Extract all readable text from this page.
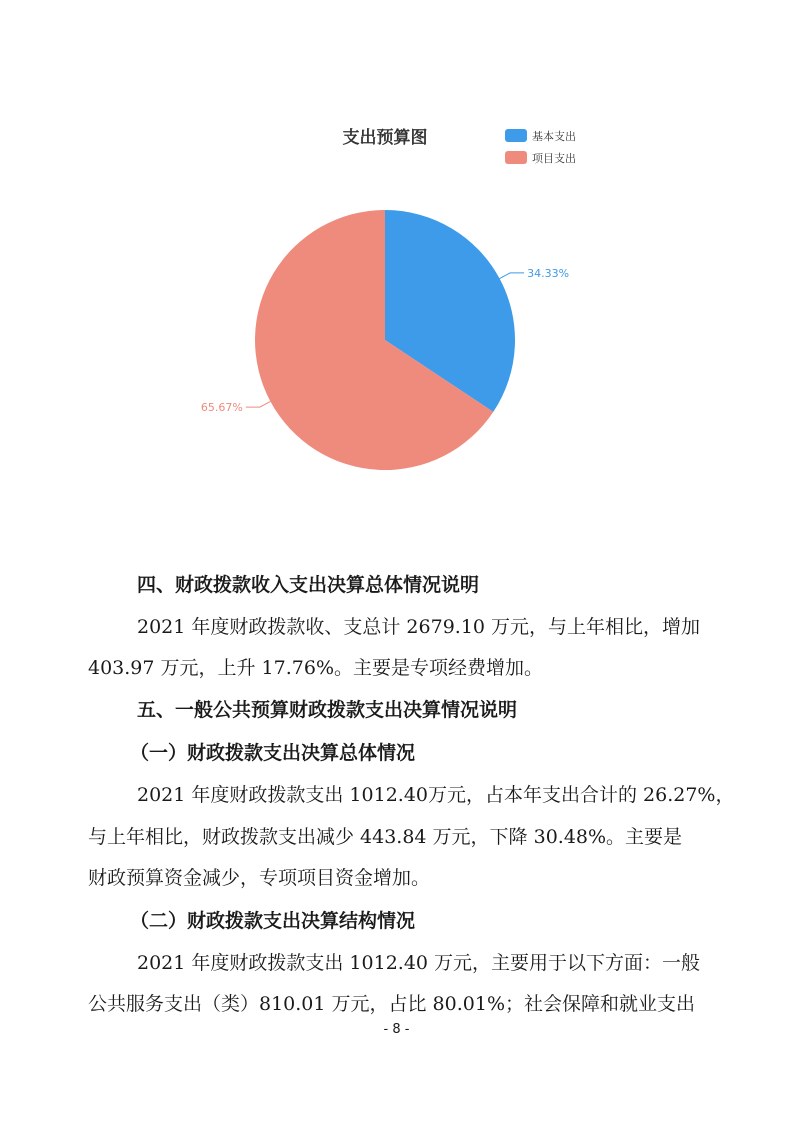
支出预算图	基本支出
项目支出
34.33%
65.67%
四、财政拨款收入支出决算总体情况说明
2021 年度财政拨款收、支总计 2679.10 万元，与上年相比，增加
403.97 万元，上升 17.76%。主要是专项经费增加。
五、一般公共预算财政拨款支出决算情况说明
（一）财政拨款支出决算总体情况
2021 年度财政拨款支出 1012.40万元，占本年支出合计的 26.27%，
与上年相比，财政拨款支出减少 443.84 万元，下降 30.48%。主要是
财政预算资金减少，专项项目资金增加。
（二）财政拨款支出决算结构情况
2021 年度财政拨款支出 1012.40 万元，主要用于以下方面：一般
公共服务支出（类）810.01 万元，占比 80.01%；社会保障和就业支出
- 8 -
